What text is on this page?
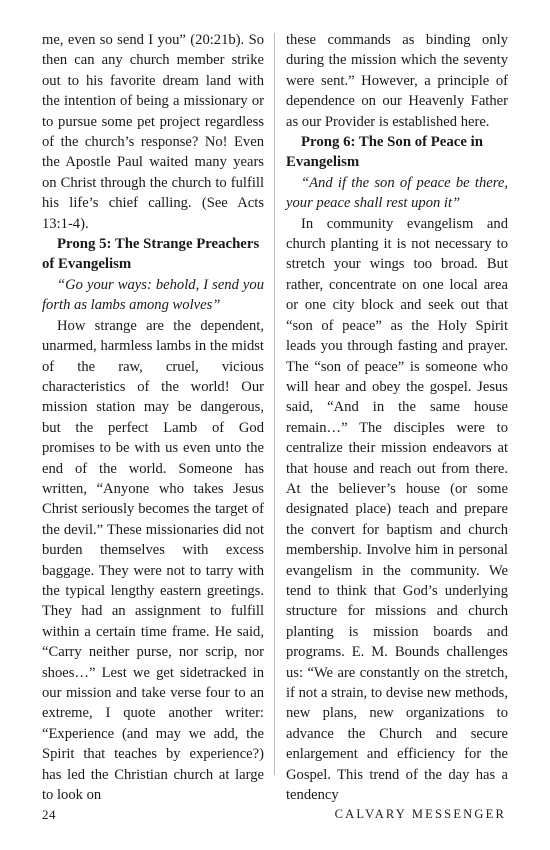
me, even so send I you” (20:21b). So then can any church member strike out to his favorite dream land with the intention of being a missionary or to pursue some pet project regardless of the church’s response? No! Even the Apostle Paul waited many years on Christ through the church to fulfill his life’s chief calling. (See Acts 13:1-4).

Prong 5: The Strange Preachers of Evangelism

“Go your ways: behold, I send you forth as lambs among wolves”

How strange are the dependent, unarmed, harmless lambs in the midst of the raw, cruel, vicious characteristics of the world! Our mission station may be dangerous, but the perfect Lamb of God promises to be with us even unto the end of the world. Someone has written, “Anyone who takes Jesus Christ seriously becomes the target of the devil.” These missionaries did not burden themselves with excess baggage. They were not to tarry with the typical lengthy eastern greetings. They had an assignment to fulfill within a certain time frame. He said, “Carry neither purse, nor scrip, nor shoes…” Lest we get sidetracked in our mission and take verse four to an extreme, I quote another writer: “Experience (and may we add, the Spirit that teaches by experience?) has led the Christian church at large to look on

these commands as binding only during the mission which the seventy were sent.” However, a principle of dependence on our Heavenly Father as our Provider is established here.

Prong 6: The Son of Peace in Evangelism

“And if the son of peace be there, your peace shall rest upon it”

In community evangelism and church planting it is not necessary to stretch your wings too broad. But rather, concentrate on one local area or one city block and seek out that “son of peace” as the Holy Spirit leads you through fasting and prayer. The “son of peace” is someone who will hear and obey the gospel. Jesus said, “And in the same house remain…” The disciples were to centralize their mission endeavors at that house and reach out from there. At the believer’s house (or some designated place) teach and prepare the convert for baptism and church membership. Involve him in personal evangelism in the community. We tend to think that God’s underlying structure for missions and church planting is mission boards and programs. E. M. Bounds challenges us: “We are constantly on the stretch, if not a strain, to devise new methods, new plans, new organizations to advance the Church and secure enlargement and efficiency for the Gospel. This trend of the day has a tendency

24	CALVARY MESSENGER
